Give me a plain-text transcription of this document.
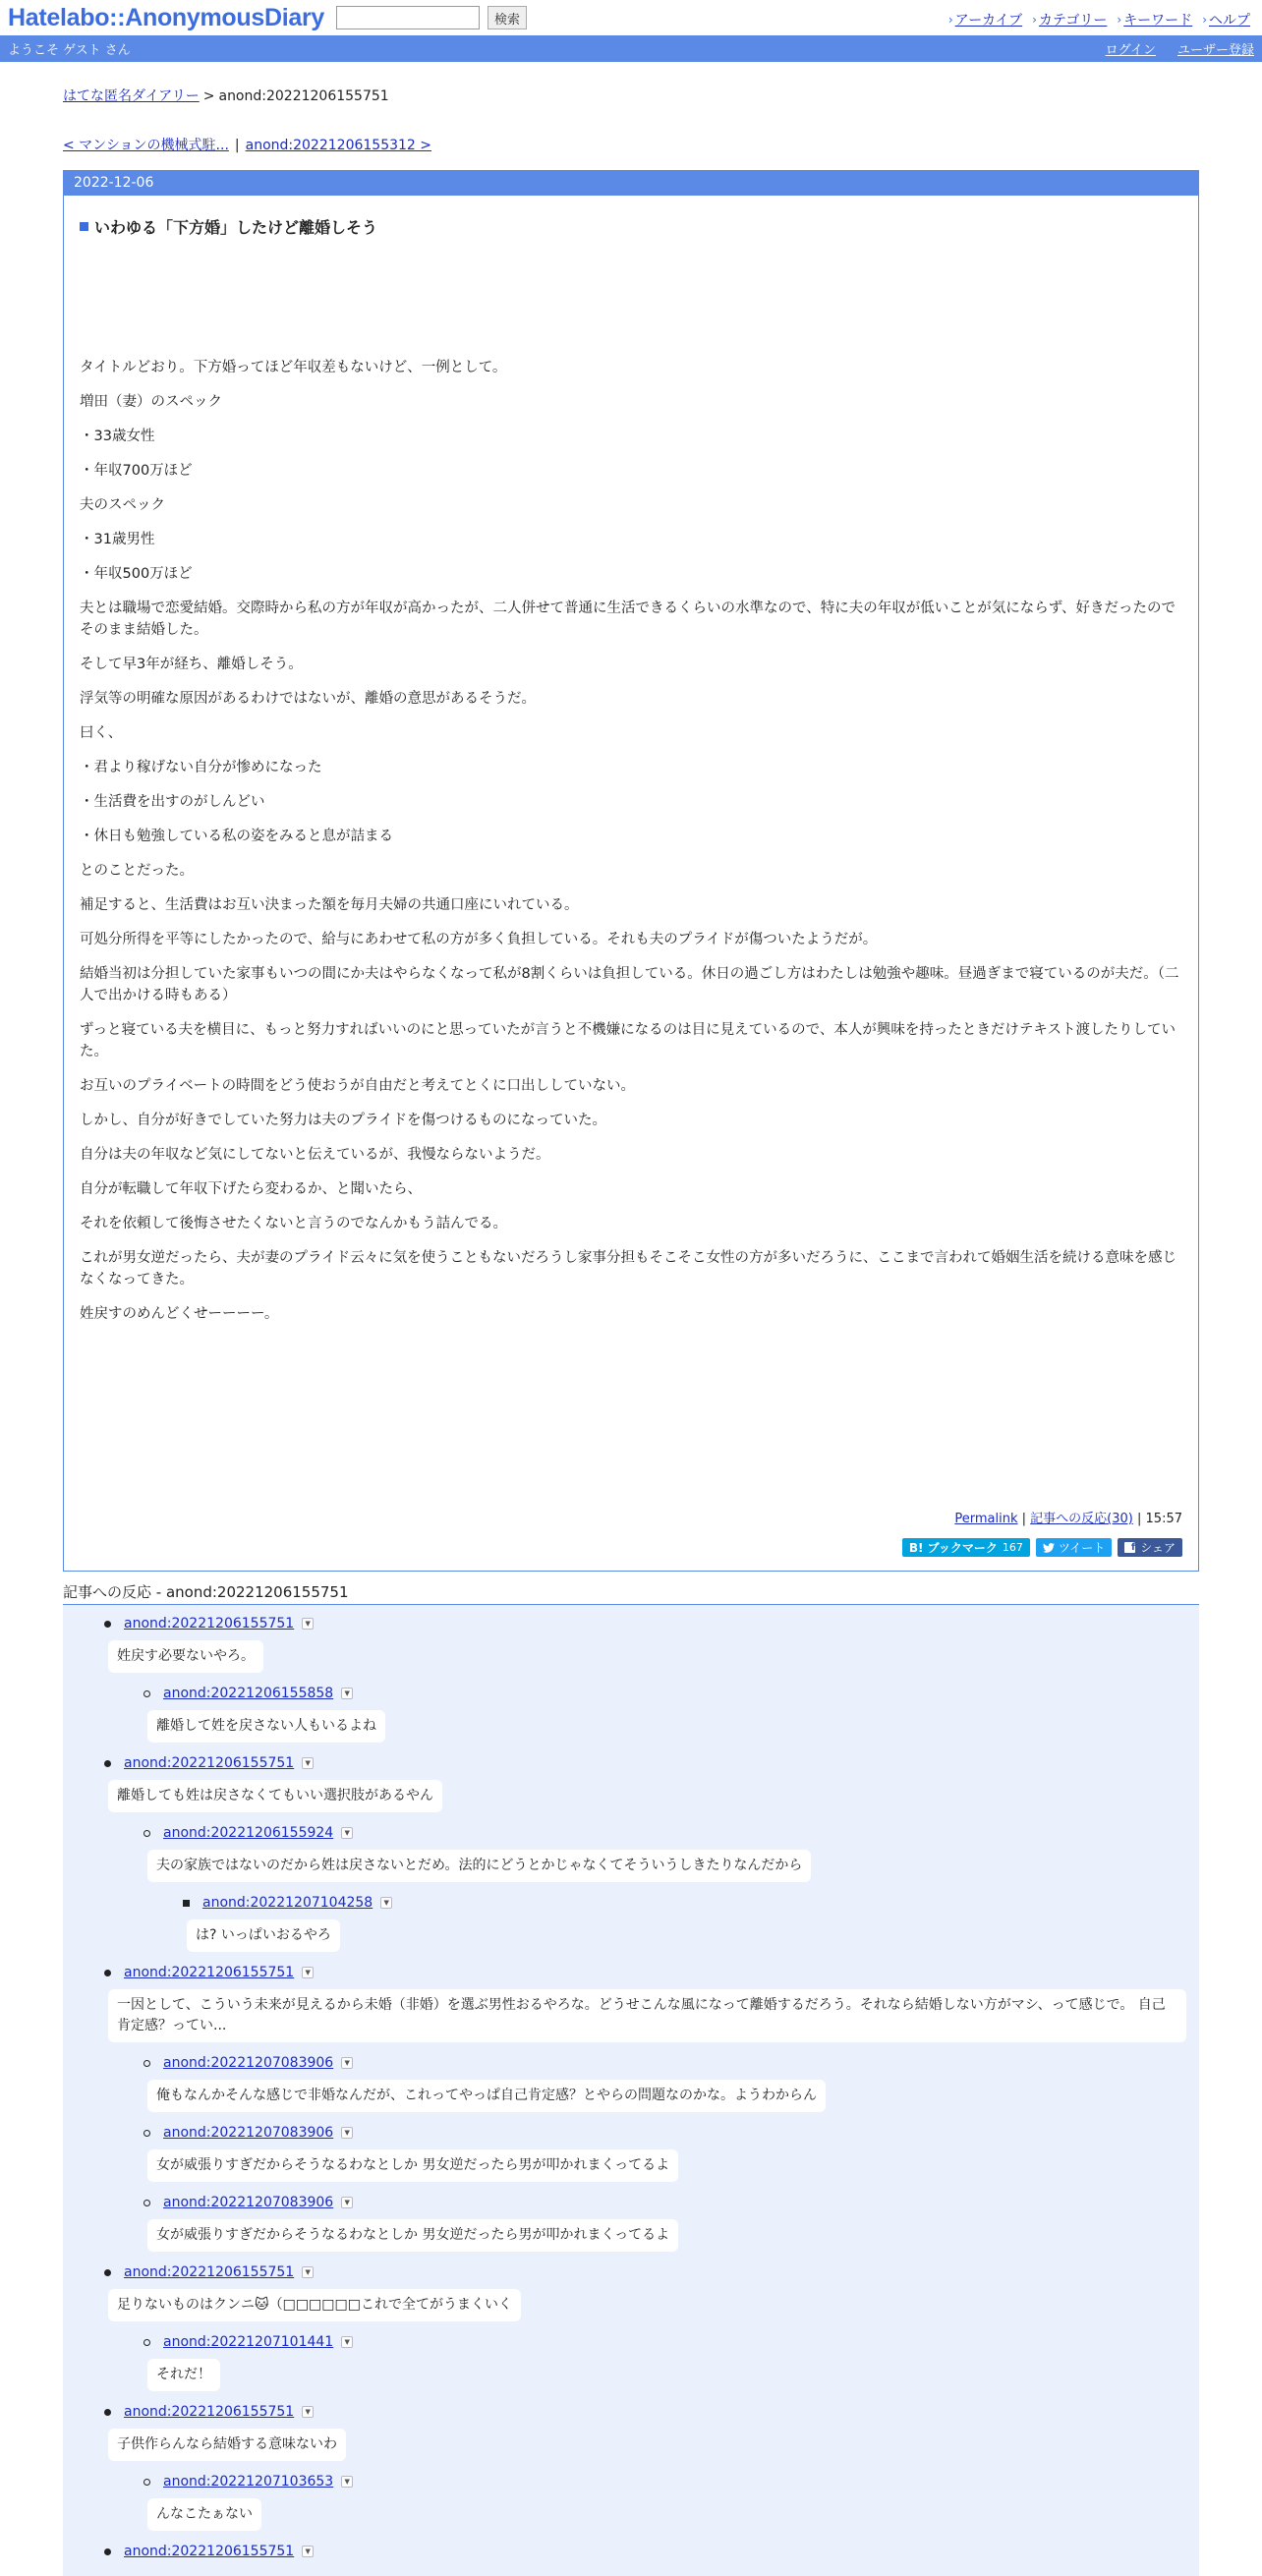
Hatelabo::AnonymousDiary	検索	› アーカイブ › カテゴリー › キーワード › ヘルプ
ようこそ ゲスト さん	ログイン ユーザー登録
はてな匿名ダイアリー > anond:20221206155751
< マンションの機械式駐... | anond:20221206155312 >
2022-12-06
いわゆる「下方婚」したけど離婚しそう

タイトルどおり。下方婚ってほど年収差もないけど、一例として。

増田（妻）のスペック

・33歳女性

・年収700万ほど

夫のスペック

・31歳男性

・年収500万ほど

夫とは職場で恋愛結婚。交際時から私の方が年収が高かったが、二人併せて普通に生活できるくらいの水準なので、特に夫の年収が低いことが気にならず、好きだったのでそのまま結婚した。

そして早3年が経ち、離婚しそう。

浮気等の明確な原因があるわけではないが、離婚の意思があるそうだ。

曰く、

・君より稼げない自分が惨めになった

・生活費を出すのがしんどい

・休日も勉強している私の姿をみると息が詰まる

とのことだった。

補足すると、生活費はお互い決まった額を毎月夫婦の共通口座にいれている。

可処分所得を平等にしたかったので、給与にあわせて私の方が多く負担している。それも夫のプライドが傷ついたようだが。

結婚当初は分担していた家事もいつの間にか夫はやらなくなって私が8割くらいは負担している。休日の過ごし方はわたしは勉強や趣味。昼過ぎまで寝ているのが夫だ。（二人で出かける時もある）

ずっと寝ている夫を横目に、もっと努力すればいいのにと思っていたが言うと不機嫌になるのは目に見えているので、本人が興味を持ったときだけテキスト渡したりしていた。

お互いのプライベートの時間をどう使おうが自由だと考えてとくに口出ししていない。

しかし、自分が好きでしていた努力は夫のプライドを傷つけるものになっていた。

自分は夫の年収など気にしてないと伝えているが、我慢ならないようだ。

自分が転職して年収下げたら変わるか、と聞いたら、

それを依頼して後悔させたくないと言うのでなんかもう詰んでる。

これが男女逆だったら、夫が妻のプライド云々に気を使うこともないだろうし家事分担もそこそこ女性の方が多いだろうに、ここまで言われて婚姻生活を続ける意味を感じなくなってきた。

姓戻すのめんどくせーーーー。

Permalink | 記事への反応(30) | 15:57
B! ブックマーク 167	ツイート	f シェア
記事への反応 - anond:20221206155751
anond:20221206155751	▼
姓戻す必要ないやろ。
anond:20221206155858	▼
離婚して姓を戻さない人もいるよね
anond:20221206155751	▼
離婚しても姓は戻さなくてもいい選択肢があるやん
anond:20221206155924	▼
夫の家族ではないのだから姓は戻さないとだめ。法的にどうとかじゃなくてそういうしきたりなんだから
anond:20221207104258	▼
は? いっぱいおるやろ
anond:20221206155751	▼
一因として、こういう未来が見えるから未婚（非婚）を選ぶ男性おるやろな。どうせこんな風になって離婚するだろう。それなら結婚しない方がマシ、って感じで。 自己肯定感？ってい...
anond:20221207083906	▼
俺もなんかそんな感じで非婚なんだが、これってやっぱ自己肯定感？とやらの問題なのかな。ようわからん
anond:20221207083906	▼
女が威張りすぎだからそうなるわなとしか 男女逆だったら男が叩かれまくってるよ
anond:20221207083906	▼
女が威張りすぎだからそうなるわなとしか 男女逆だったら男が叩かれまくってるよ
anond:20221206155751	▼
足りないものはクンニ🐱（□□□□□□これで全てがうまくいく
anond:20221207101441	▼
それだ！
anond:20221206155751	▼
子供作らんなら結婚する意味ないわ
anond:20221207103653	▼
んなこたぁない
anond:20221206155751	▼
